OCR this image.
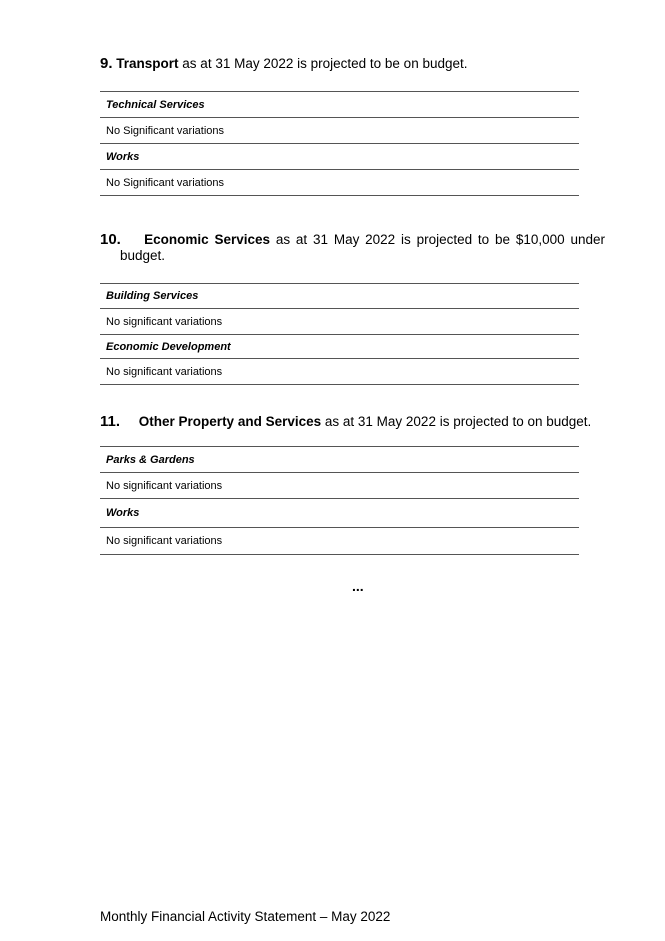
9. Transport as at 31 May 2022 is projected to be on budget.

Technical Services
No Significant variations
Works
No Significant variations

10. Economic Services as at 31 May 2022 is projected to be $10,000 under

budget.

Building Services
No significant variations
Economic Development
No significant variations

11. Other Property and Services as at 31 May 2022 is projected to on budget.

Parks & Gardens
No significant variations
Works
No significant variations
...
Monthly Financial Activity Statement – May 2022
